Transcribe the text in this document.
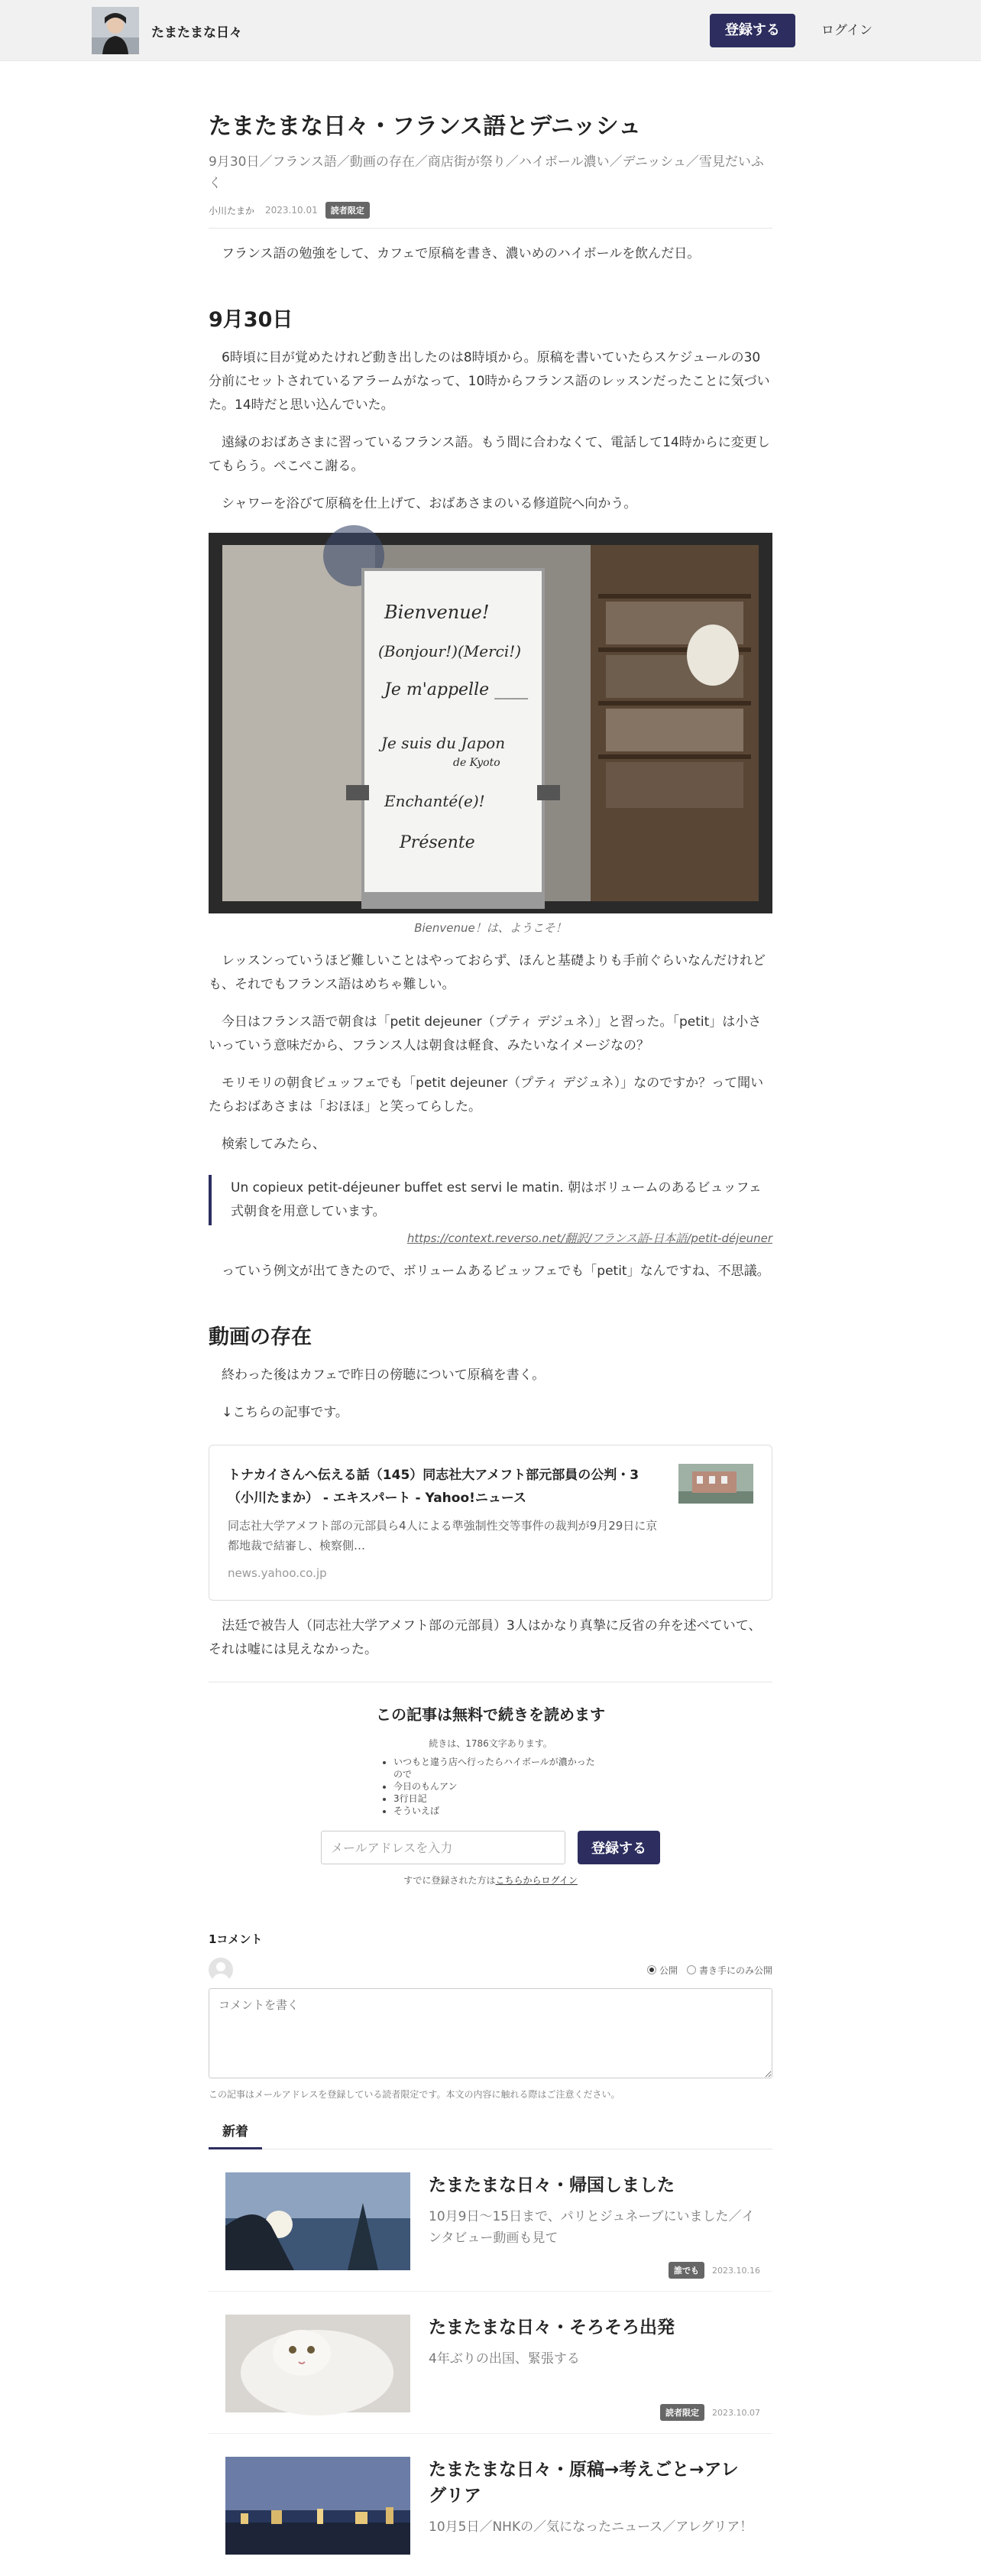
たまたまな日々	登録する	ログイン
たまたまな日々・フランス語とデニッシュ
9月30日／フランス語／動画の存在／商店街が祭り／ハイボール濃い／デニッシュ／雪見だいふく
小川たまか 2023.10.01	読者限定

フランス語の勉強をして、カフェで原稿を書き、濃いめのハイボールを飲んだ日。

9月30日

6時頃に目が覚めたけれど動き出したのは8時頃から。原稿を書いていたらスケジュールの30分前にセットされているアラームがなって、10時からフランス語のレッスンだったことに気づいた。14時だと思い込んでいた。

遠縁のおばあさまに習っているフランス語。もう間に合わなくて、電話して14時からに変更してもらう。ぺこぺこ謝る。

シャワーを浴びて原稿を仕上げて、おばあさまのいる修道院へ向かう。

Bienvenue!
(Bonjour!)(Merci!)
Je m'appelle ____
Je suis du Japon
de Kyoto
Enchanté(e)!
Présente
Bienvenue！は、ようこそ！

レッスンっていうほど難しいことはやっておらず、ほんと基礎よりも手前ぐらいなんだけれども、それでもフランス語はめちゃ難しい。

今日はフランス語で朝食は「petit dejeuner（プティ デジュネ）」と習った。「petit」は小さいっていう意味だから、フランス人は朝食は軽食、みたいなイメージなの？

モリモリの朝食ビュッフェでも「petit dejeuner（プティ デジュネ）」なのですか？って聞いたらおばあさまは「おほほ」と笑ってらした。

検索してみたら、

Un copieux petit-déjeuner buffet est servi le matin. 朝はボリュームのあるビュッフェ式朝食を用意しています。
https://context.reverso.net/翻訳/フランス語-日本語/petit-déjeuner

っていう例文が出てきたので、ボリュームあるビュッフェでも「petit」なんですね、不思議。

動画の存在

終わった後はカフェで昨日の傍聴について原稿を書く。

↓こちらの記事です。

トナカイさんへ伝える話（145）同志社大アメフト部元部員の公判・3（小川たまか） - エキスパート - Yahoo!ニュース
同志社大学アメフト部の元部員ら4人による準強制性交等事件の裁判が9月29日に京都地裁で結審し、検察側…
news.yahoo.co.jp

法廷で被告人（同志社大学アメフト部の元部員）3人はかなり真摯に反省の弁を述べていて、それは嘘には見えなかった。

この記事は無料で続きを読めます
続きは、1786文字あります。
• いつもと違う店へ行ったらハイボールが濃かったので
• 今日のもんアン
• 3行日記
• そういえば
メールアドレスを入力
登録する
すでに登録された方はこちらからログイン
1コメント
公開 書き手にのみ公開
コメントを書く
この記事はメールアドレスを登録している読者限定です。本文の内容に触れる際はご注意ください。
新着
たまたまな日々・帰国しました
10月9日〜15日まで、パリとジュネーブにいました／インタビュー動画も見て
誰でも	2023.10.16
たまたまな日々・そろそろ出発
4年ぶりの出国、緊張する
読者限定	2023.10.07
たまたまな日々・原稿→考えごと→アレグリア
10月5日／NHKの／気になったニュース／アレグリア！
